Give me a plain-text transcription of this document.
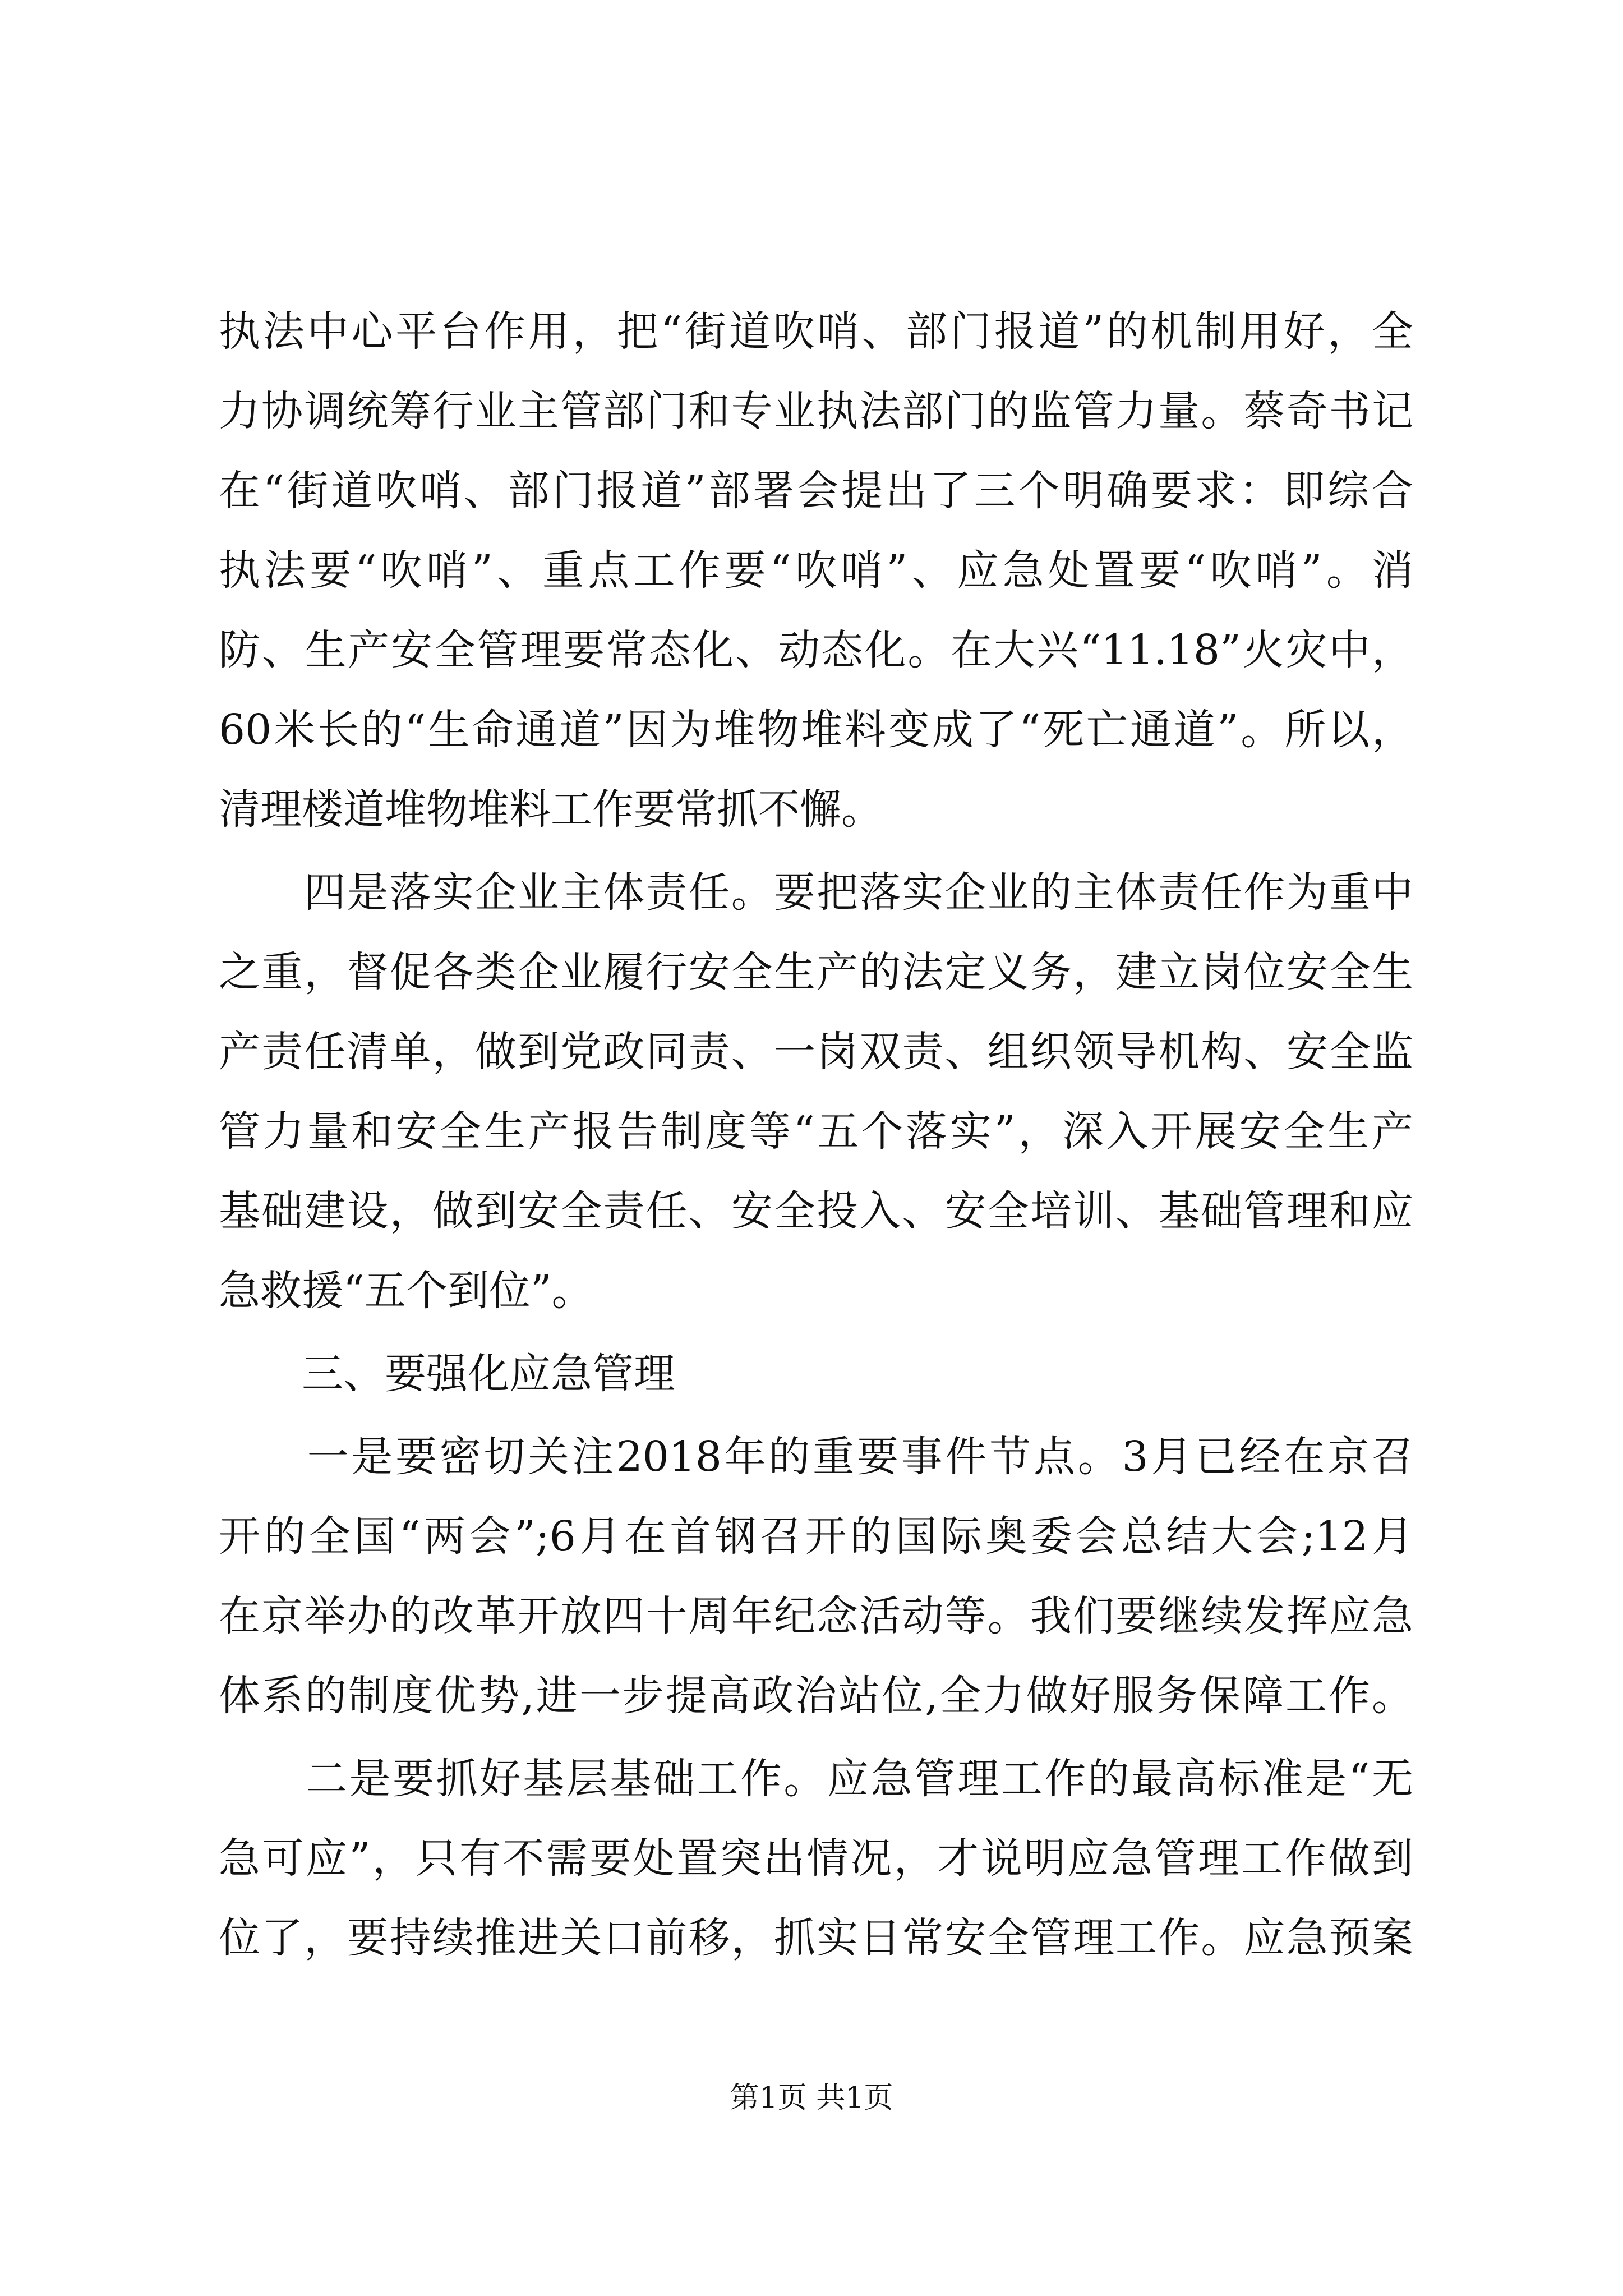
执法中心平台作用，把“街道吹哨、部门报道”的机制用好，全
力协调统筹行业主管部门和专业执法部门的监管力量。蔡奇书记
在“街道吹哨、部门报道”部署会提出了三个明确要求：即综合
执法要“吹哨”、重点工作要“吹哨”、应急处置要“吹哨”。消
防、生产安全管理要常态化、动态化。在大兴“11.18”火灾中，
60米长的“生命通道”因为堆物堆料变成了“死亡通道”。所以，
清理楼道堆物堆料工作要常抓不懈。
　　四是落实企业主体责任。要把落实企业的主体责任作为重中
之重，督促各类企业履行安全生产的法定义务，建立岗位安全生
产责任清单，做到党政同责、一岗双责、组织领导机构、安全监
管力量和安全生产报告制度等“五个落实”，深入开展安全生产
基础建设，做到安全责任、安全投入、安全培训、基础管理和应
急救援“五个到位”。
　　三、要强化应急管理
　　一是要密切关注2018年的重要事件节点。3月已经在京召
开的全国“两会”;6月在首钢召开的国际奥委会总结大会;12月
在京举办的改革开放四十周年纪念活动等。我们要继续发挥应急
体系的制度优势,进一步提高政治站位,全力做好服务保障工作。
　　二是要抓好基层基础工作。应急管理工作的最高标准是“无
急可应”，只有不需要处置突出情况，才说明应急管理工作做到
位了，要持续推进关口前移，抓实日常安全管理工作。应急预案
第1页 共1页
